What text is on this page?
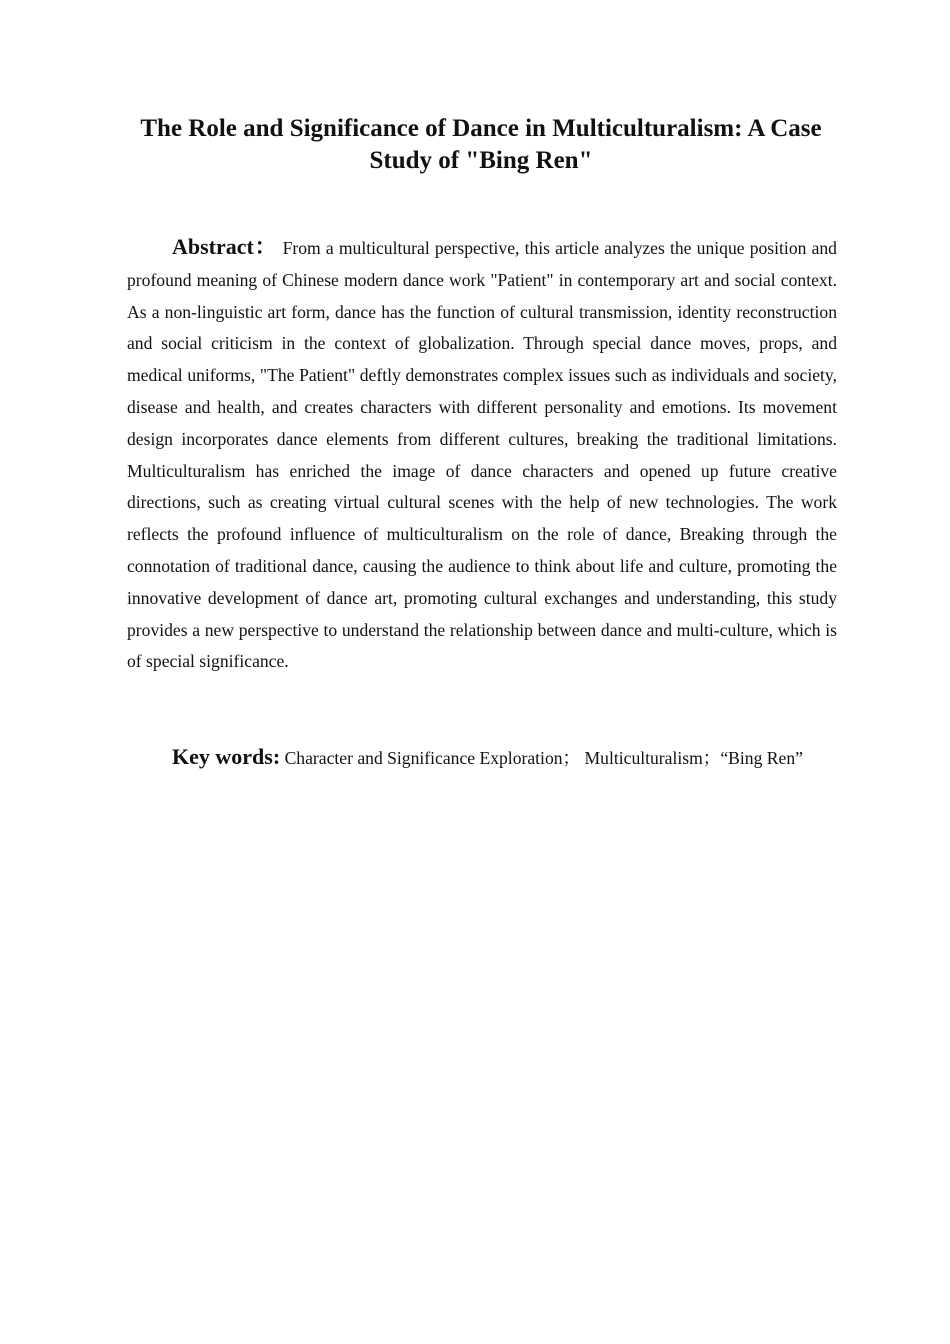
The Role and Significance of Dance in Multiculturalism: A Case Study of "Bing Ren"

Abstract： From a multicultural perspective, this article analyzes the unique position and profound meaning of Chinese modern dance work "Patient" in contemporary art and social context. As a non-linguistic art form, dance has the function of cultural transmission, identity reconstruction and social criticism in the context of globalization. Through special dance moves, props, and medical uniforms, "The Patient" deftly demonstrates complex issues such as individuals and society, disease and health, and creates characters with different personality and emotions. Its movement design incorporates dance elements from different cultures, breaking the traditional limitations. Multiculturalism has enriched the image of dance characters and opened up future creative directions, such as creating virtual cultural scenes with the help of new technologies. The work reflects the profound influence of multiculturalism on the role of dance, Breaking through the connotation of traditional dance, causing the audience to think about life and culture, promoting the innovative development of dance art, promoting cultural exchanges and understanding, this study provides a new perspective to understand the relationship between dance and multi-culture, which is of special significance.

Key words: Character and Significance Exploration； Multiculturalism；“Bing Ren”
